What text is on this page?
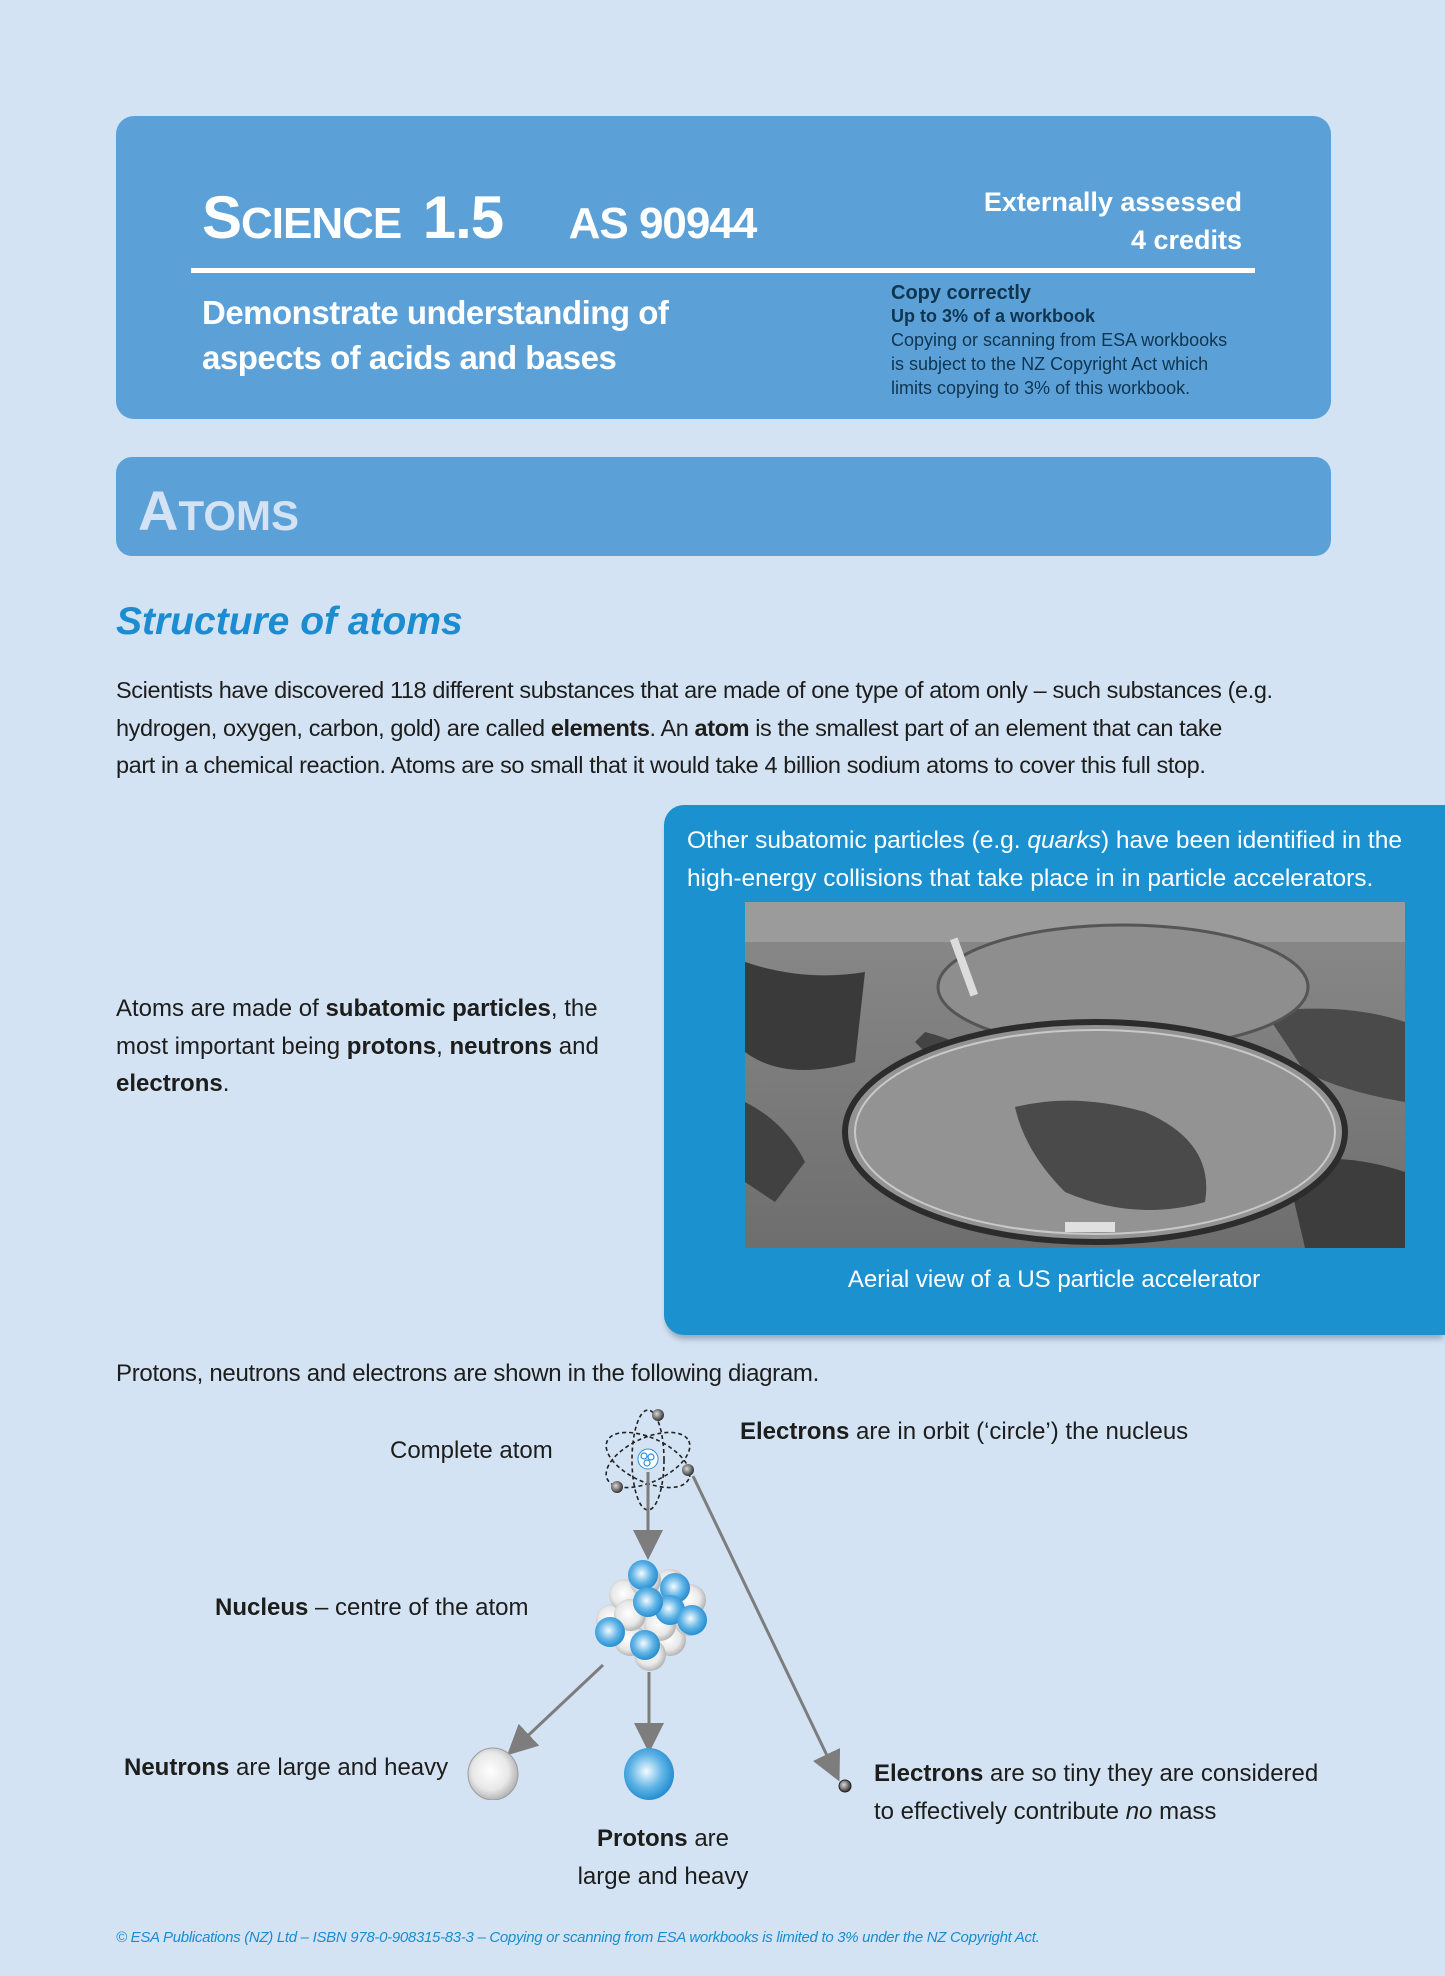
SCIENCE 1.5 AS 90944	Externally assessed
4 credits
Demonstrate understanding of
aspects of acids and bases
Copy correctly
Up to 3% of a workbook
Copying or scanning from ESA workbooks
is subject to the NZ Copyright Act which
limits copying to 3% of this workbook.
ATOMS
Structure of atoms
Scientists have discovered 118 different substances that are made of one type of atom only – such substances (e.g.
hydrogen, oxygen, carbon, gold) are called elements. An atom is the smallest part of an element that can take
part in a chemical reaction. Atoms are so small that it would take 4 billion sodium atoms to cover this full stop.
Other subatomic particles (e.g. quarks) have been identified in the high-energy collisions that take place in in particle accelerators.
Aerial view of a US particle accelerator
Atoms are made of subatomic particles, the most important being protons, neutrons and electrons.
Protons, neutrons and electrons are shown in the following diagram.
Complete atom
Electrons are in orbit (‘circle’) the nucleus
Nucleus – centre of the atom
Neutrons are large and heavy
Protons are
large and heavy
Electrons are so tiny they are considered
to effectively contribute no mass
© ESA Publications (NZ) Ltd – ISBN 978-0-908315-83-3 – Copying or scanning from ESA workbooks is limited to 3% under the NZ Copyright Act.
